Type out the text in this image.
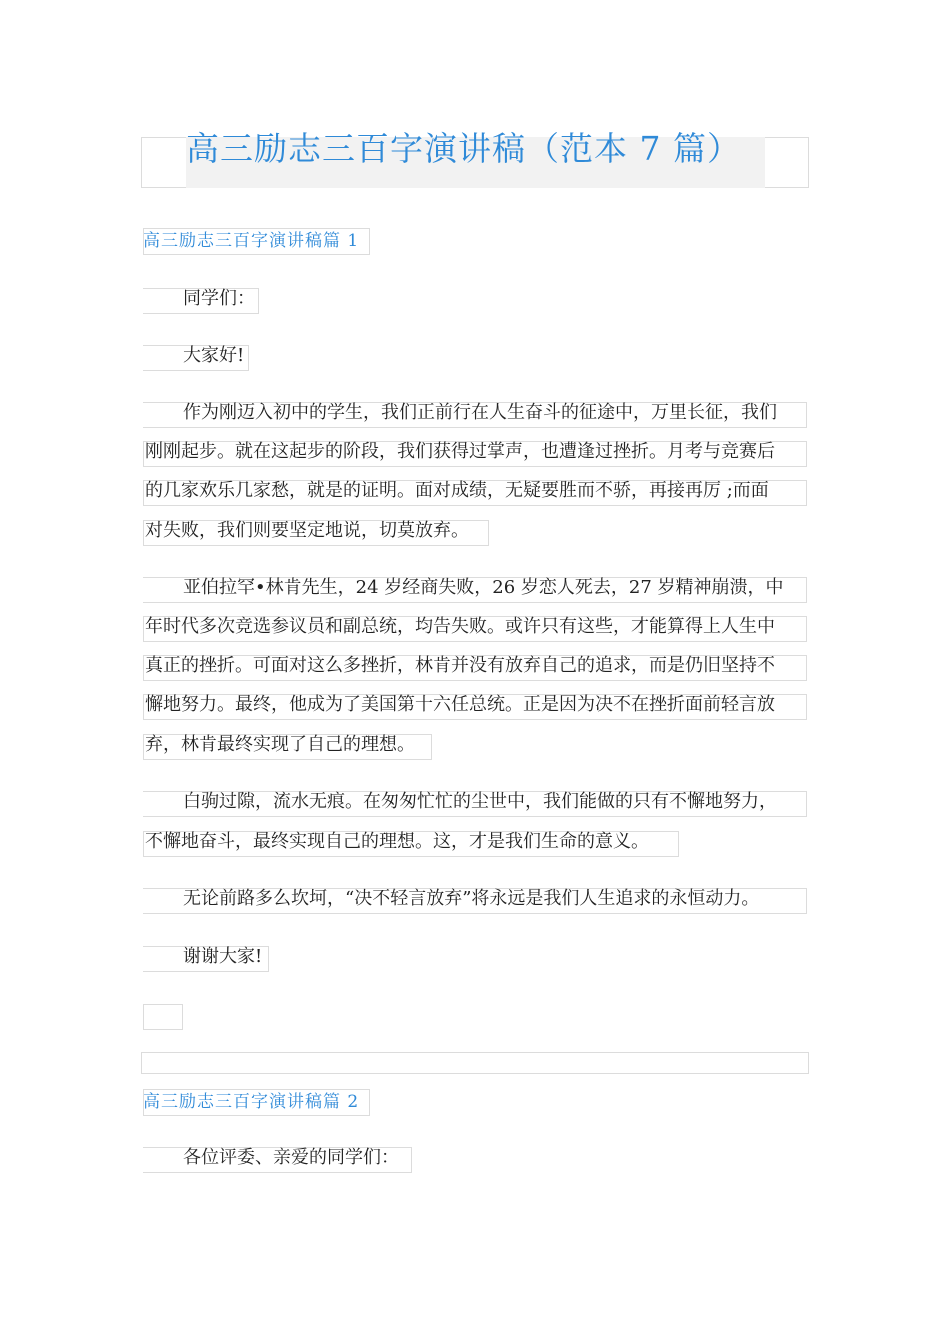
高三励志三百字演讲稿（范本 7 篇）
高三励志三百字演讲稿篇 1
同学们：
大家好!
作为刚迈入初中的学生，我们正前行在人生奋斗的征途中，万里长征，我们
刚刚起步。就在这起步的阶段，我们获得过掌声，也遭逢过挫折。月考与竞赛后
的几家欢乐几家愁，就是的证明。面对成绩，无疑要胜而不骄，再接再厉 ;而面
对失败，我们则要坚定地说，切莫放弃。
亚伯拉罕•林肯先生，24 岁经商失败，26 岁恋人死去，27 岁精神崩溃，中
年时代多次竞选参议员和副总统，均告失败。或许只有这些，才能算得上人生中
真正的挫折。可面对这么多挫折，林肯并没有放弃自己的追求，而是仍旧坚持不
懈地努力。最终，他成为了美国第十六任总统。正是因为决不在挫折面前轻言放
弃，林肯最终实现了自己的理想。
白驹过隙，流水无痕。在匆匆忙忙的尘世中，我们能做的只有不懈地努力，
不懈地奋斗，最终实现自己的理想。这，才是我们生命的意义。
无论前路多么坎坷，“决不轻言放弃”将永远是我们人生追求的永恒动力。
谢谢大家!
高三励志三百字演讲稿篇 2
各位评委、亲爱的同学们：
